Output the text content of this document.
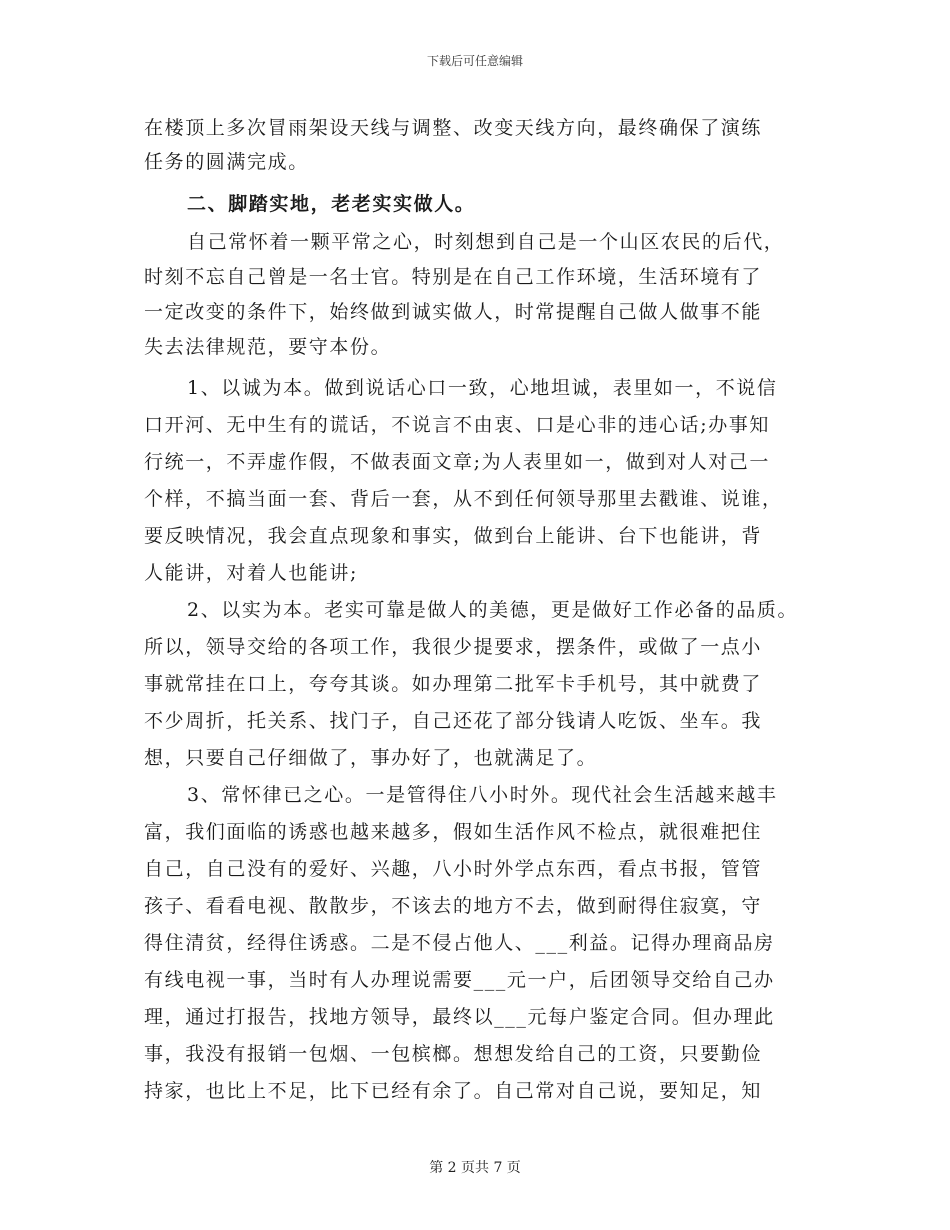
下载后可任意编辑
在楼顶上多次冒雨架设天线与调整、改变天线方向，最终确保了演练
任务的圆满完成。
二、脚踏实地，老老实实做人。
自己常怀着一颗平常之心，时刻想到自己是一个山区农民的后代，
时刻不忘自己曾是一名士官。特别是在自己工作环境，生活环境有了
一定改变的条件下，始终做到诚实做人，时常提醒自己做人做事不能
失去法律规范，要守本份。
1、以诚为本。做到说话心口一致，心地坦诚，表里如一，不说信
口开河、无中生有的谎话，不说言不由衷、口是心非的违心话;办事知
行统一，不弄虚作假，不做表面文章;为人表里如一，做到对人对己一
个样，不搞当面一套、背后一套，从不到任何领导那里去戳谁、说谁，
要反映情况，我会直点现象和事实，做到台上能讲、台下也能讲，背
人能讲，对着人也能讲;
2、以实为本。老实可靠是做人的美德，更是做好工作必备的品质。
所以，领导交给的各项工作，我很少提要求，摆条件，或做了一点小
事就常挂在口上，夸夸其谈。如办理第二批军卡手机号，其中就费了
不少周折，托关系、找门子，自己还花了部分钱请人吃饭、坐车。我
想，只要自己仔细做了，事办好了，也就满足了。
3、常怀律已之心。一是管得住八小时外。现代社会生活越来越丰
富，我们面临的诱惑也越来越多，假如生活作风不检点，就很难把住
自己，自己没有的爱好、兴趣，八小时外学点东西，看点书报，管管
孩子、看看电视、散散步，不该去的地方不去，做到耐得住寂寞，守
得住清贫，经得住诱惑。二是不侵占他人、___利益。记得办理商品房
有线电视一事，当时有人办理说需要___元一户，后团领导交给自己办
理，通过打报告，找地方领导，最终以___元每户鉴定合同。但办理此
事，我没有报销一包烟、一包槟榔。想想发给自己的工资，只要勤俭
持家，也比上不足，比下已经有余了。自己常对自己说，要知足，知
第 2 页共 7 页
